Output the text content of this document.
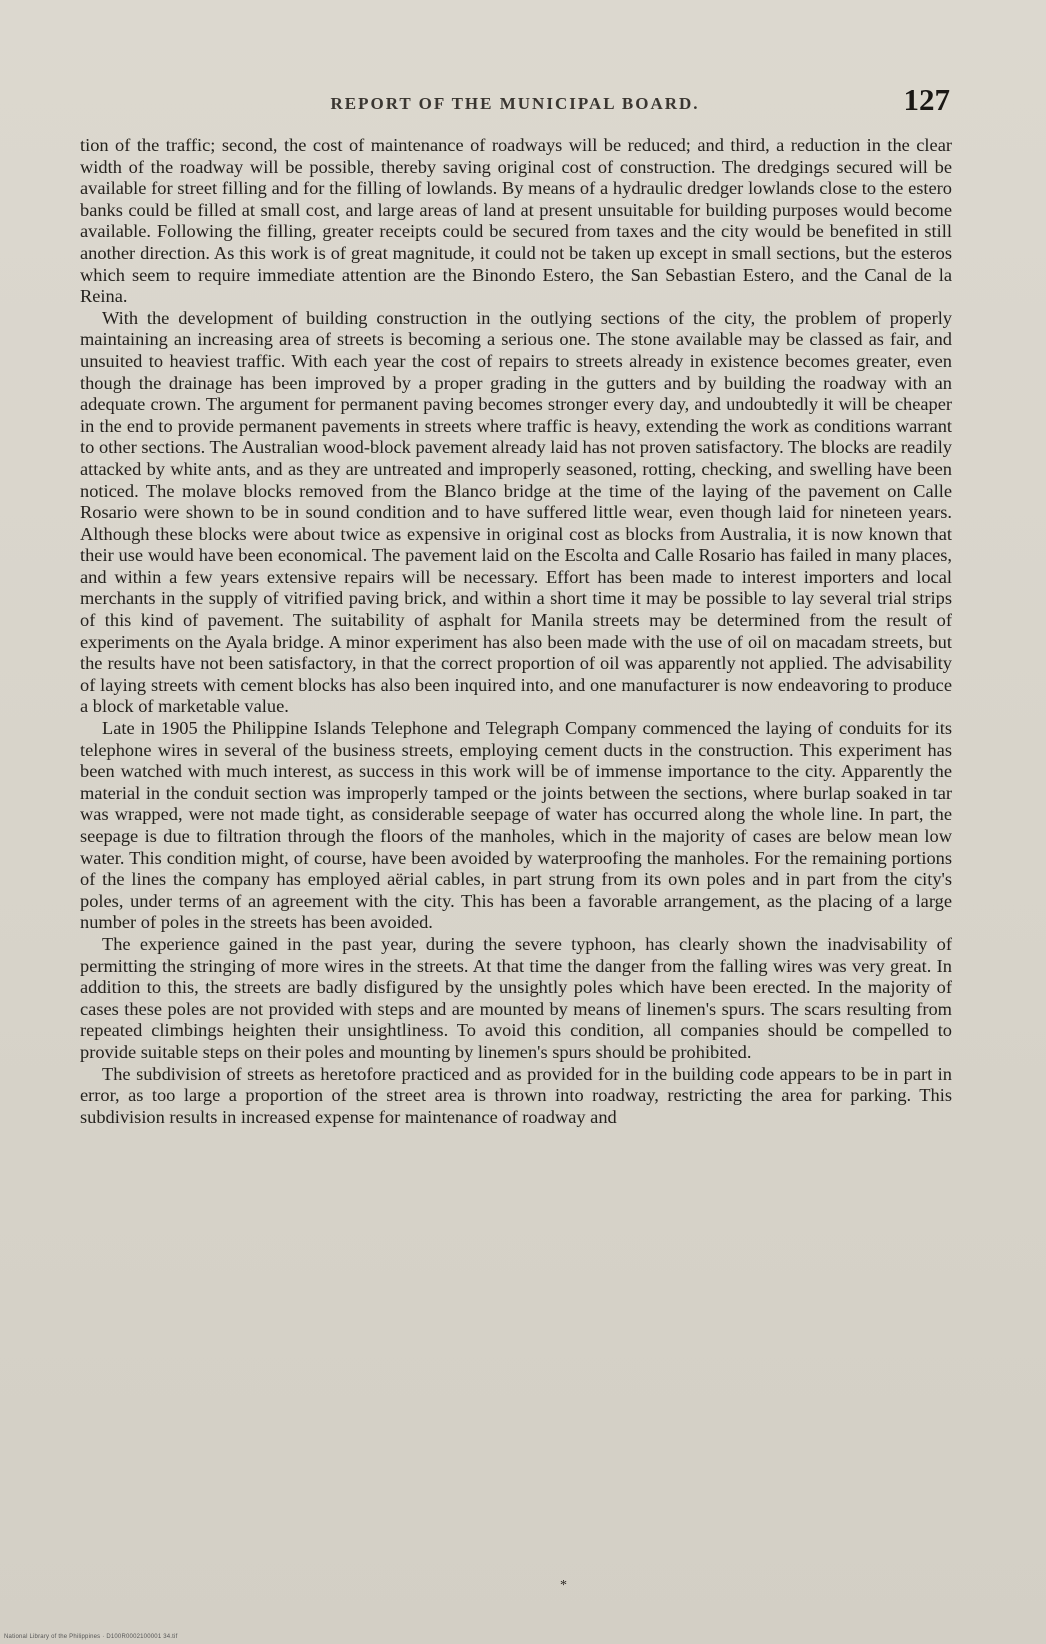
REPORT OF THE MUNICIPAL BOARD.	127

tion of the traffic; second, the cost of maintenance of roadways will be reduced; and third, a reduction in the clear width of the roadway will be possible, thereby saving original cost of construction. The dredgings secured will be available for street filling and for the filling of lowlands. By means of a hydraulic dredger lowlands close to the estero banks could be filled at small cost, and large areas of land at present unsuitable for building purposes would become available. Following the filling, greater receipts could be secured from taxes and the city would be benefited in still another direction. As this work is of great magnitude, it could not be taken up except in small sections, but the esteros which seem to require immediate attention are the Binondo Estero, the San Sebastian Estero, and the Canal de la Reina.

With the development of building construction in the outlying sections of the city, the problem of properly maintaining an increasing area of streets is becoming a serious one. The stone available may be classed as fair, and unsuited to heaviest traffic. With each year the cost of repairs to streets already in existence becomes greater, even though the drainage has been improved by a proper grading in the gutters and by building the roadway with an adequate crown. The argument for permanent paving becomes stronger every day, and undoubtedly it will be cheaper in the end to provide permanent pavements in streets where traffic is heavy, extending the work as conditions warrant to other sections. The Australian wood-block pavement already laid has not proven satisfactory. The blocks are readily attacked by white ants, and as they are untreated and improperly seasoned, rotting, checking, and swelling have been noticed. The molave blocks removed from the Blanco bridge at the time of the laying of the pavement on Calle Rosario were shown to be in sound condition and to have suffered little wear, even though laid for nineteen years. Although these blocks were about twice as expensive in original cost as blocks from Australia, it is now known that their use would have been economical. The pavement laid on the Escolta and Calle Rosario has failed in many places, and within a few years extensive repairs will be necessary. Effort has been made to interest importers and local merchants in the supply of vitrified paving brick, and within a short time it may be possible to lay several trial strips of this kind of pavement. The suitability of asphalt for Manila streets may be determined from the result of experiments on the Ayala bridge. A minor experiment has also been made with the use of oil on macadam streets, but the results have not been satisfactory, in that the correct proportion of oil was apparently not applied. The advisability of laying streets with cement blocks has also been inquired into, and one manufacturer is now endeavoring to produce a block of marketable value.

Late in 1905 the Philippine Islands Telephone and Telegraph Company commenced the laying of conduits for its telephone wires in several of the business streets, employing cement ducts in the construction. This experiment has been watched with much interest, as success in this work will be of immense importance to the city. Apparently the material in the conduit section was improperly tamped or the joints between the sections, where burlap soaked in tar was wrapped, were not made tight, as considerable seepage of water has occurred along the whole line. In part, the seepage is due to filtration through the floors of the manholes, which in the majority of cases are below mean low water. This condition might, of course, have been avoided by waterproofing the manholes. For the remaining portions of the lines the company has employed aërial cables, in part strung from its own poles and in part from the city's poles, under terms of an agreement with the city. This has been a favorable arrangement, as the placing of a large number of poles in the streets has been avoided.

The experience gained in the past year, during the severe typhoon, has clearly shown the inadvisability of permitting the stringing of more wires in the streets. At that time the danger from the falling wires was very great. In addition to this, the streets are badly disfigured by the unsightly poles which have been erected. In the majority of cases these poles are not provided with steps and are mounted by means of linemen's spurs. The scars resulting from repeated climbings heighten their unsightliness. To avoid this condition, all companies should be compelled to provide suitable steps on their poles and mounting by linemen's spurs should be prohibited.

The subdivision of streets as heretofore practiced and as provided for in the building code appears to be in part in error, as too large a proportion of the street area is thrown into roadway, restricting the area for parking. This subdivision results in increased expense for maintenance of roadway and

*
National Library of the Philippines · D100R0002100001 34.tif
